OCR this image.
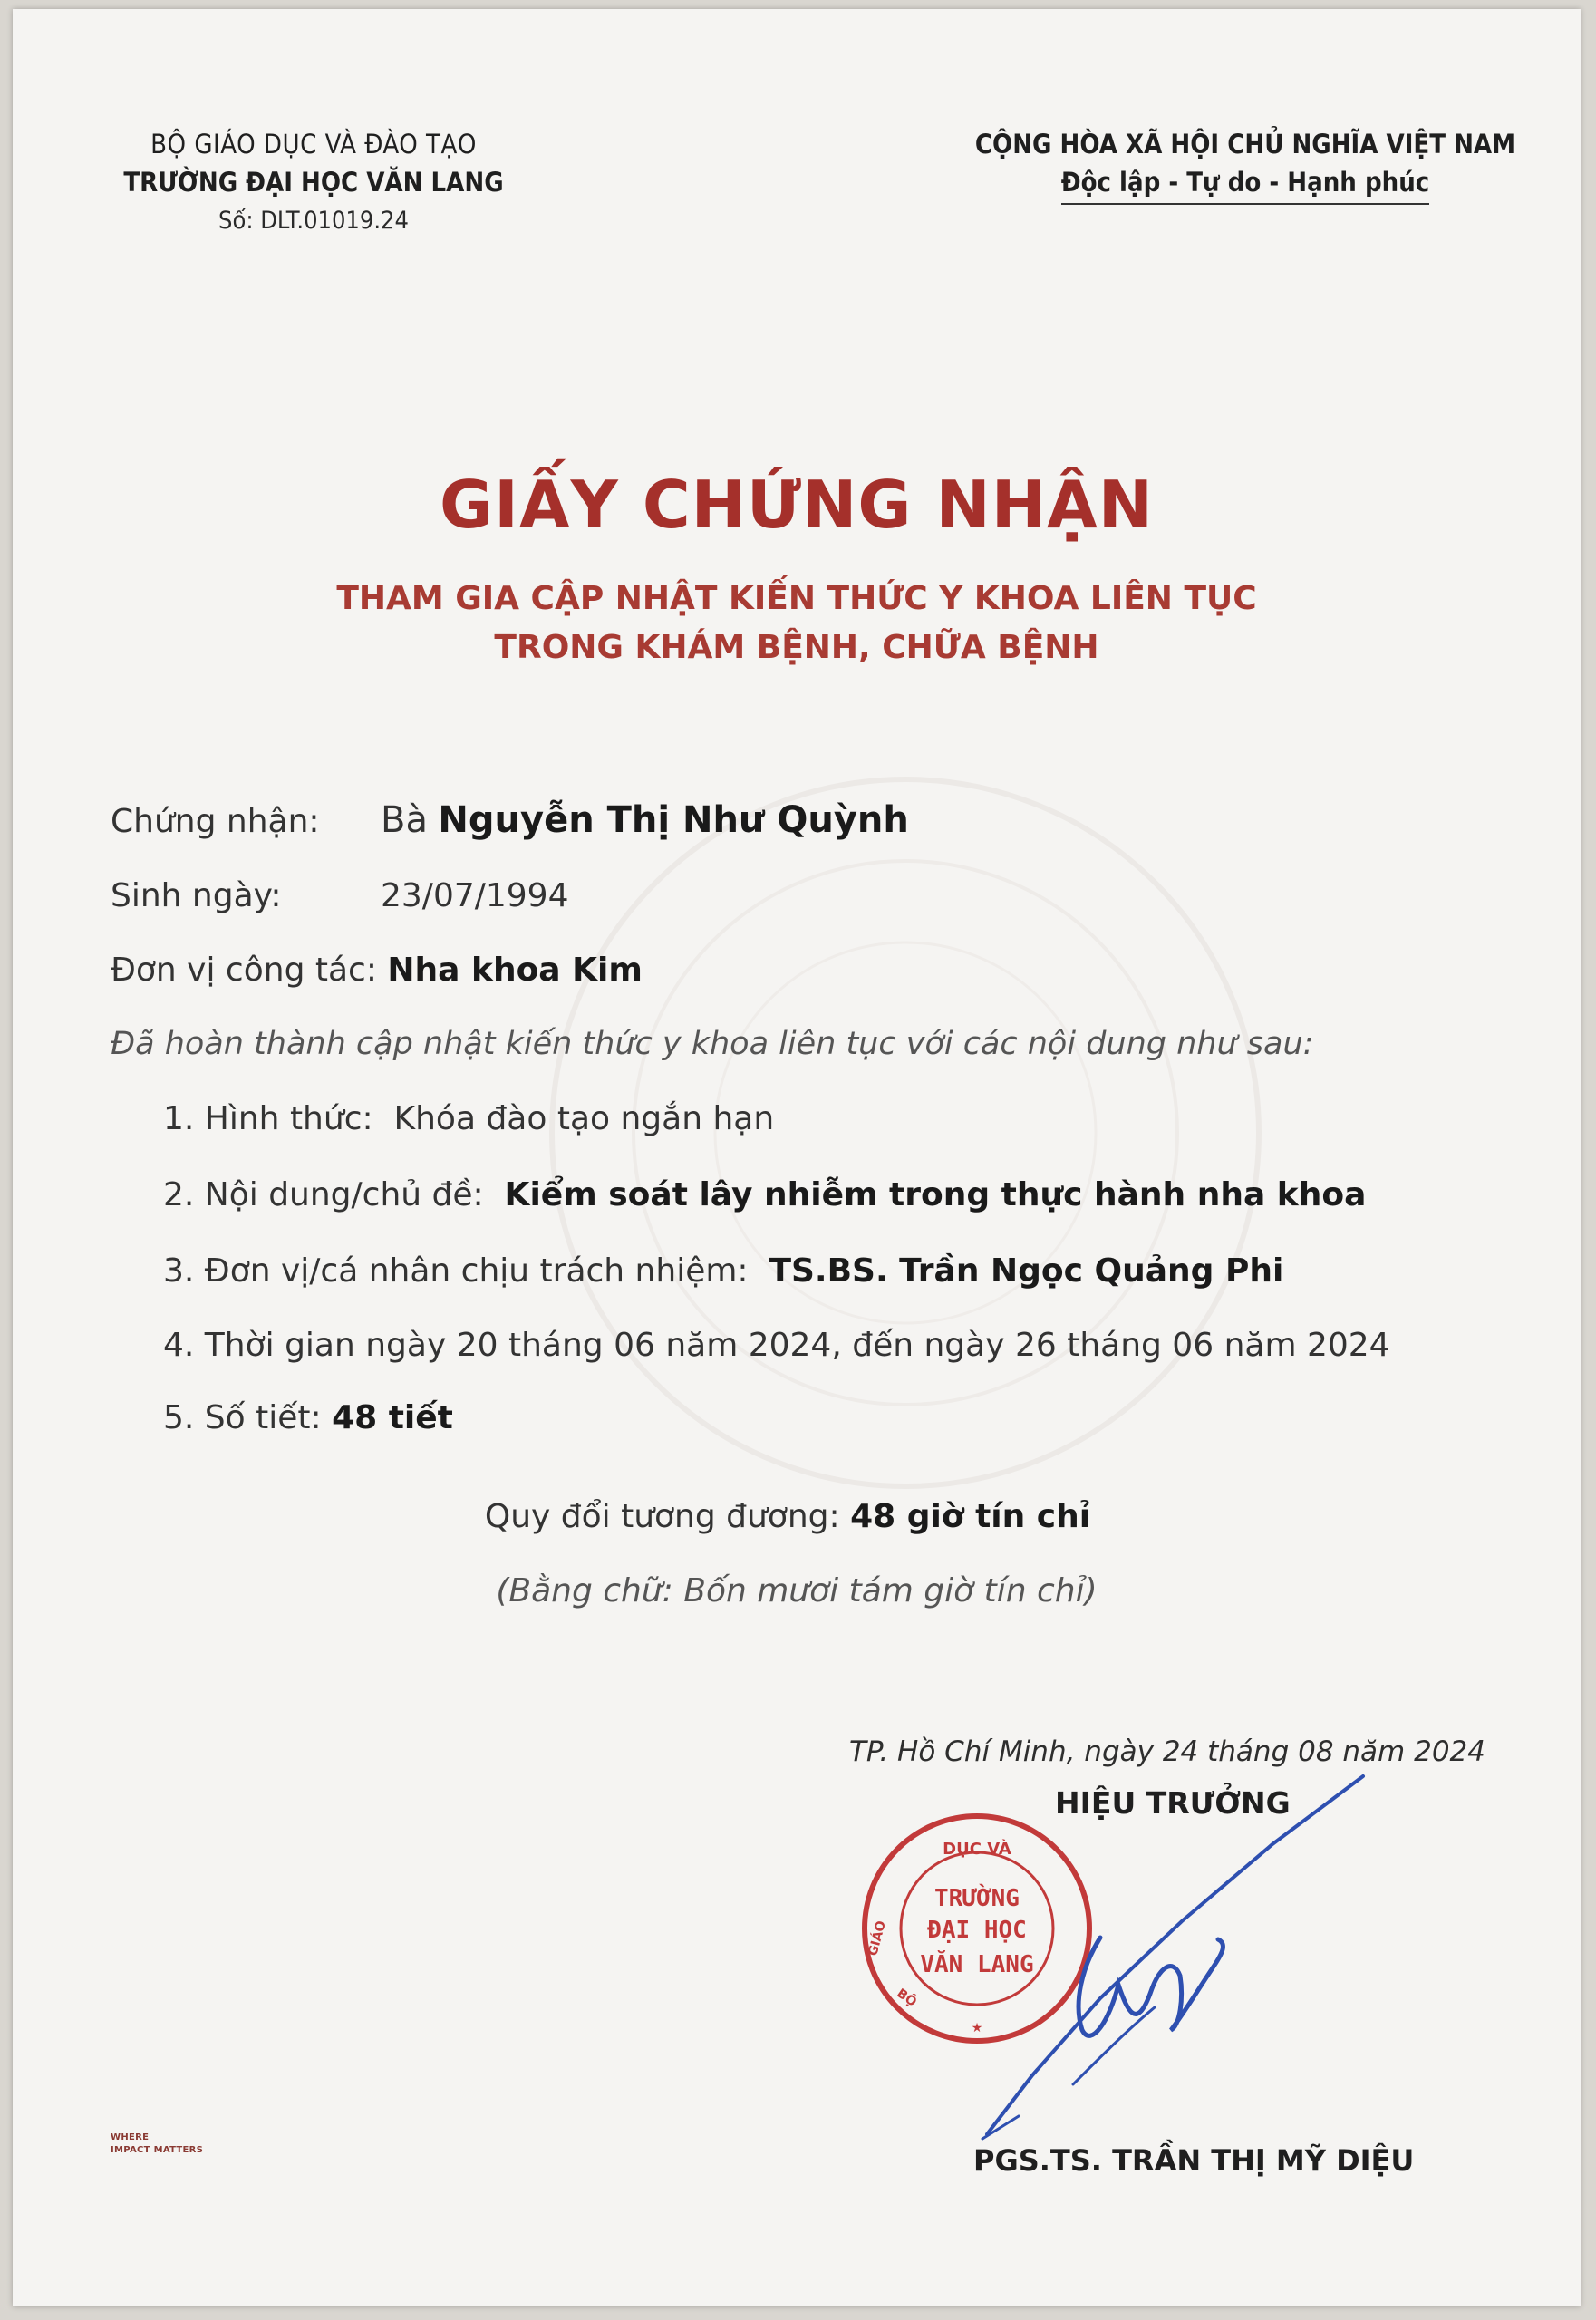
BỘ GIÁO DỤC VÀ ĐÀO TẠO
TRƯỜNG ĐẠI HỌC VĂN LANG
Số: DLT.01019.24
CỘNG HÒA XÃ HỘI CHỦ NGHĨA VIỆT NAM
Độc lập - Tự do - Hạnh phúc
GIẤY CHỨNG NHẬN
THAM GIA CẬP NHẬT KIẾN THỨC Y KHOA LIÊN TỤC
TRONG KHÁM BỆNH, CHỮA BỆNH
Chứng nhận: Bà Nguyễn Thị Như Quỳnh
Sinh ngày:	23/07/1994
Đơn vị công tác: Nha khoa Kim
Đã hoàn thành cập nhật kiến thức y khoa liên tục với các nội dung như sau:
1. Hình thức: Khóa đào tạo ngắn hạn
2. Nội dung/chủ đề: Kiểm soát lây nhiễm trong thực hành nha khoa
3. Đơn vị/cá nhân chịu trách nhiệm: TS.BS. Trần Ngọc Quảng Phi
4. Thời gian ngày 20 tháng 06 năm 2024, đến ngày 26 tháng 06 năm 2024
5. Số tiết: 48 tiết
Quy đổi tương đương: 48 giờ tín chỉ
(Bằng chữ: Bốn mươi tám giờ tín chỉ)
TP. Hồ Chí Minh, ngày 24 tháng 08 năm 2024
HIỆU TRƯỞNG
DỤC VÀ
GIÁO
BỘ
TRƯỜNG
ĐẠI HỌC
VĂN LANG
★
PGS.TS. TRẦN THỊ MỸ DIỆU
WHERE
IMPACT MATTERS
